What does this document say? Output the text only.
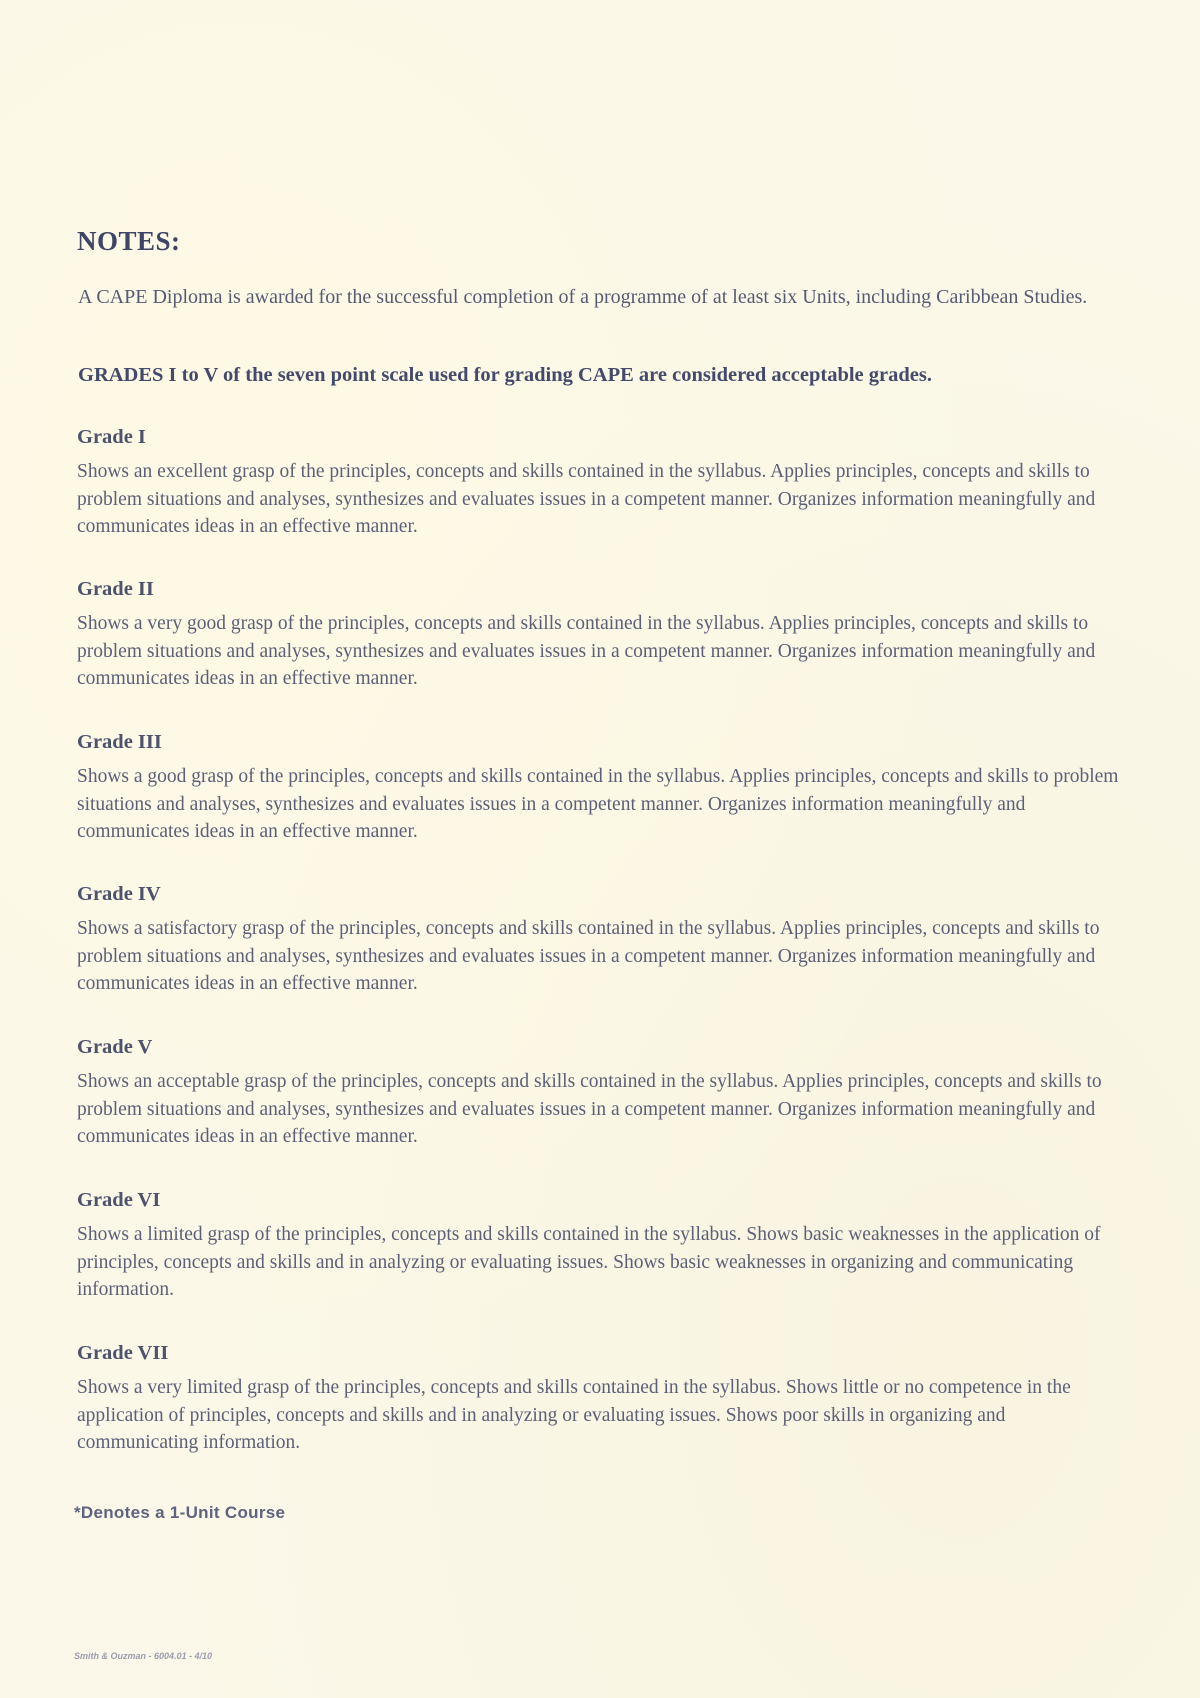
NOTES:

A CAPE Diploma is awarded for the successful completion of a programme of at least six Units, including Caribbean Studies.

GRADES I to V of the seven point scale used for grading CAPE are considered acceptable grades.

Grade I

Shows an excellent grasp of the principles, concepts and skills contained in the syllabus. Applies principles, concepts and skills to problem situations and analyses, synthesizes and evaluates issues in a competent manner. Organizes information meaningfully and communicates ideas in an effective manner.

Grade II

Shows a very good grasp of the principles, concepts and skills contained in the syllabus. Applies principles, concepts and skills to problem situations and analyses, synthesizes and evaluates issues in a competent manner. Organizes information meaningfully and communicates ideas in an effective manner.

Grade III

Shows a good grasp of the principles, concepts and skills contained in the syllabus. Applies principles, concepts and skills to problem situations and analyses, synthesizes and evaluates issues in a competent manner. Organizes information meaningfully and communicates ideas in an effective manner.

Grade IV

Shows a satisfactory grasp of the principles, concepts and skills contained in the syllabus. Applies principles, concepts and skills to problem situations and analyses, synthesizes and evaluates issues in a competent manner. Organizes information meaningfully and communicates ideas in an effective manner.

Grade V

Shows an acceptable grasp of the principles, concepts and skills contained in the syllabus. Applies principles, concepts and skills to problem situations and analyses, synthesizes and evaluates issues in a competent manner. Organizes information meaningfully and communicates ideas in an effective manner.

Grade VI

Shows a limited grasp of the principles, concepts and skills contained in the syllabus. Shows basic weaknesses in the application of principles, concepts and skills and in analyzing or evaluating issues. Shows basic weaknesses in organizing and communicating information.

Grade VII

Shows a very limited grasp of the principles, concepts and skills contained in the syllabus. Shows little or no competence in the application of principles, concepts and skills and in analyzing or evaluating issues. Shows poor skills in organizing and communicating information.

*Denotes a 1-Unit Course

Smith & Ouzman - 6004.01 - 4/10
